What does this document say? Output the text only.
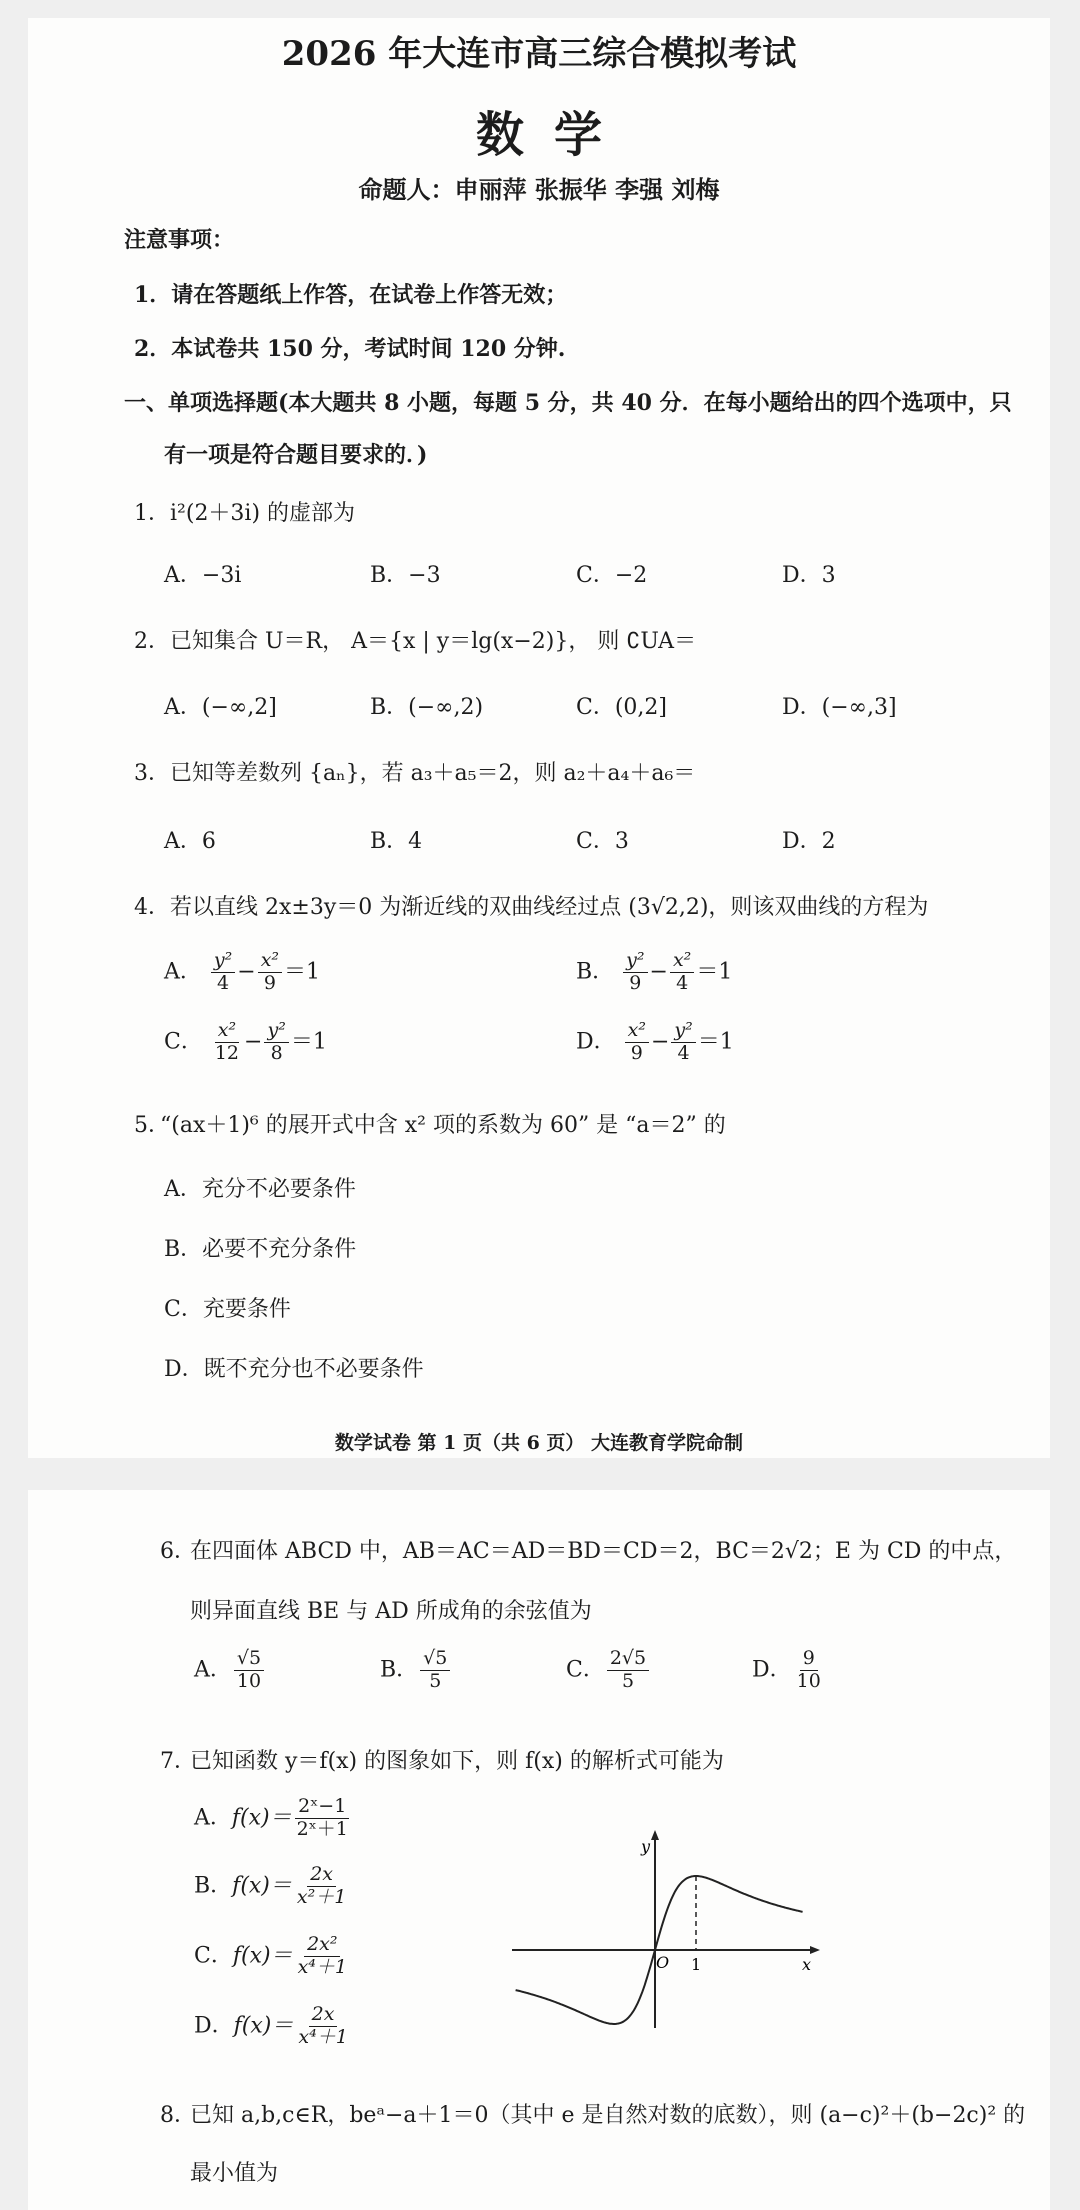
2026 年大连市高三综合模拟考试
数学
命题人：申丽萍 张振华 李强 刘梅
注意事项：
1．请在答题纸上作答，在试卷上作答无效；
2．本试卷共 150 分，考试时间 120 分钟.
一、单项选择题(本大题共 8 小题，每题 5 分，共 40 分．在每小题给出的四个选项中，只
有一项是符合题目要求的．)
1． i²(2＋3i) 的虚部为
A．−3i	B．−3	C．−2	D．3
2． 已知集合 U＝R， A＝{x | y＝lg(x−2)}， 则 ∁UA＝
A．(−∞,2]	B．(−∞,2)	C．(0,2]	D．(−∞,3]
3． 已知等差数列 {aₙ}，若 a₃＋a₅＝2，则 a₂＋a₄＋a₆＝
A．6	B．4	C．3	D．2
4． 若以直线 2x±3y＝0 为渐近线的双曲线经过点 (3√2,2)，则该双曲线的方程为
A． $\frac{\text{y²}}{4} - \frac{\text{x²}}{9} =1$	B． $\frac{\text{y²}}{9} - \frac{\text{x²}}{4} =1$
C． $\frac{\text{x²}}{12} - \frac{\text{y²}}{8} =1$	D． $\frac{\text{x²}}{9} - \frac{\text{y²}}{4} =1$
5．
“(ax＋1)⁶ 的展开式中含 x² 项的系数为 60” 是 “a＝2” 的
A．充分不必要条件
B．必要不充分条件
C．充要条件
D．既不充分也不必要条件
数学试卷 第 1 页（共 6 页） 大连教育学院命制
6．
在四面体 ABCD 中，AB＝AC＝AD＝BD＝CD＝2，BC＝2√2；E 为 CD 的中点，
则异面直线 BE 与 AD 所成角的余弦值为
A． $\frac{√5}{10}$	B． $\frac{√5}{5}$	C． $\frac{2√5}{5}$	D． $\frac{9}{10}$
7．
已知函数 y＝f(x) 的图象如下，则 f(x) 的解析式可能为
A．$f(x)= \frac{\text{2ˣ−1}}{\text{2ˣ＋1}}$
B．$f(x)= \frac{2x}{\text{x²＋1}}$
C．$f(x)= \frac{\text{2x²}}{\text{x⁴＋1}}$
D．$f(x)= \frac{2x}{\text{x⁴＋1}}$
y
x
O 1
8．
已知 a,b,c∈R，beᵃ−a＋1＝0（其中 e 是自然对数的底数），则 (a−c)²＋(b−2c)² 的
最小值为
